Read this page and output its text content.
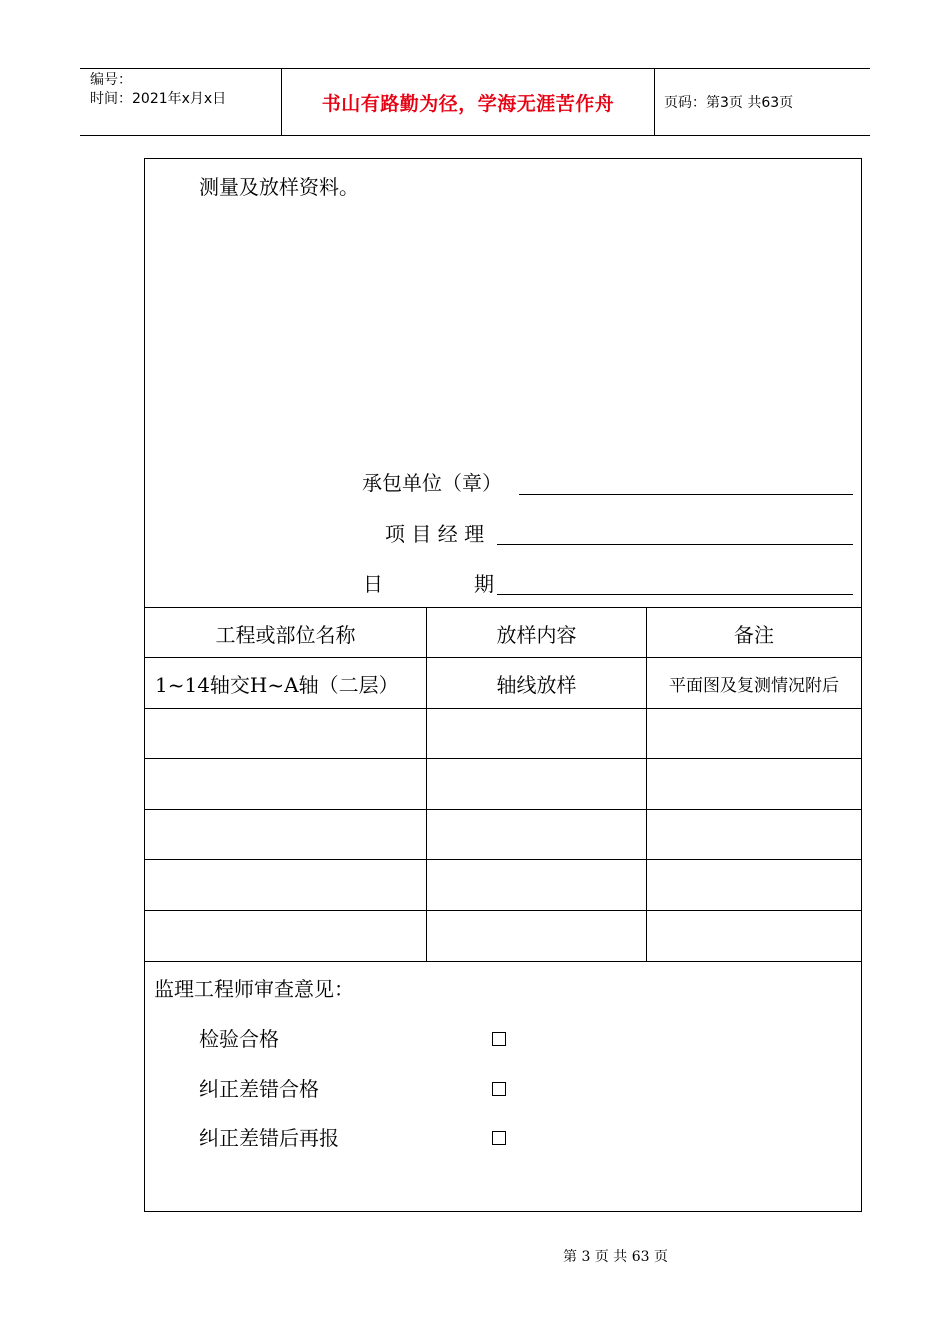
编号：
时间：2021年x月x日	书山有路勤为径，学海无涯苦作舟	页码：第3页 共63页
测量及放样资料。
承包单位（章）
项 目 经 理
日	期
工程或部位名称	放样内容	备注
1~14轴交H~A轴（二层）	轴线放样	平面图及复测情况附后
监理工程师审查意见：
检验合格
纠正差错合格
纠正差错后再报
第 3 页 共 63 页
